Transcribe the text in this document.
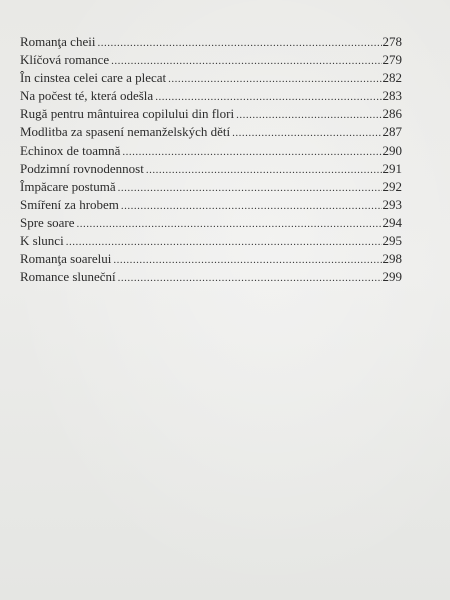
Romanţa cheii .....	278
Klíčová romance .....	279
În cinstea celei care a plecat .....	282
Na počest té, která odešla .....	283
Rugă pentru mântuirea copilului din flori .....	286
Modlitba za spasení nemanželských dětí .....	287
Echinox de toamnă .....	290
Podzimní rovnodennost .....	291
Împăcare postumă .....	292
Smíření za hrobem .....	293
Spre soare .....	294
K slunci .....	295
Romanţa soarelui .....	298
Romance sluneční .....	299
